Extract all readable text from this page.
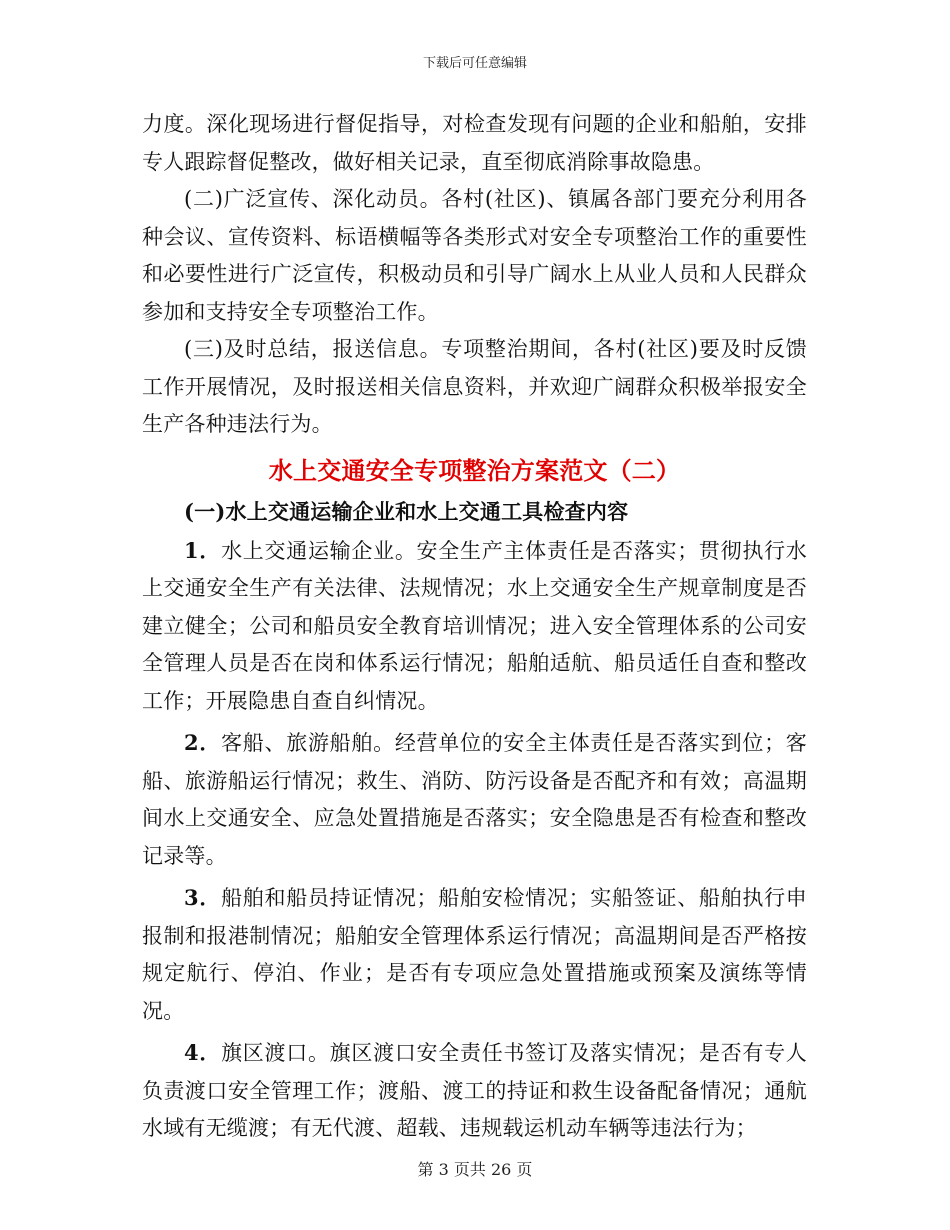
下载后可任意编辑

力度。深化现场进行督促指导，对检查发现有问题的企业和船舶，安排专人跟踪督促整改，做好相关记录，直至彻底消除事故隐患。

(二)广泛宣传、深化动员。各村(社区)、镇属各部门要充分利用各种会议、宣传资料、标语横幅等各类形式对安全专项整治工作的重要性和必要性进行广泛宣传，积极动员和引导广阔水上从业人员和人民群众参加和支持安全专项整治工作。

(三)及时总结，报送信息。专项整治期间，各村(社区)要及时反馈工作开展情况，及时报送相关信息资料，并欢迎广阔群众积极举报安全生产各种违法行为。

水上交通安全专项整治方案范文（二）
(一)水上交通运输企业和水上交通工具检查内容

1．水上交通运输企业。安全生产主体责任是否落实；贯彻执行水上交通安全生产有关法律、法规情况；水上交通安全生产规章制度是否建立健全；公司和船员安全教育培训情况；进入安全管理体系的公司安全管理人员是否在岗和体系运行情况；船舶适航、船员适任自查和整改工作；开展隐患自查自纠情况。

2．客船、旅游船舶。经营单位的安全主体责任是否落实到位；客船、旅游船运行情况；救生、消防、防污设备是否配齐和有效；高温期间水上交通安全、应急处置措施是否落实；安全隐患是否有检查和整改记录等。

3．船舶和船员持证情况；船舶安检情况；实船签证、船舶执行申报制和报港制情况；船舶安全管理体系运行情况；高温期间是否严格按规定航行、停泊、作业；是否有专项应急处置措施或预案及演练等情况。

4．旗区渡口。旗区渡口安全责任书签订及落实情况；是否有专人负责渡口安全管理工作；渡船、渡工的持证和救生设备配备情况；通航水域有无缆渡；有无代渡、超载、违规载运机动车辆等违法行为；

第 3 页共 26 页
